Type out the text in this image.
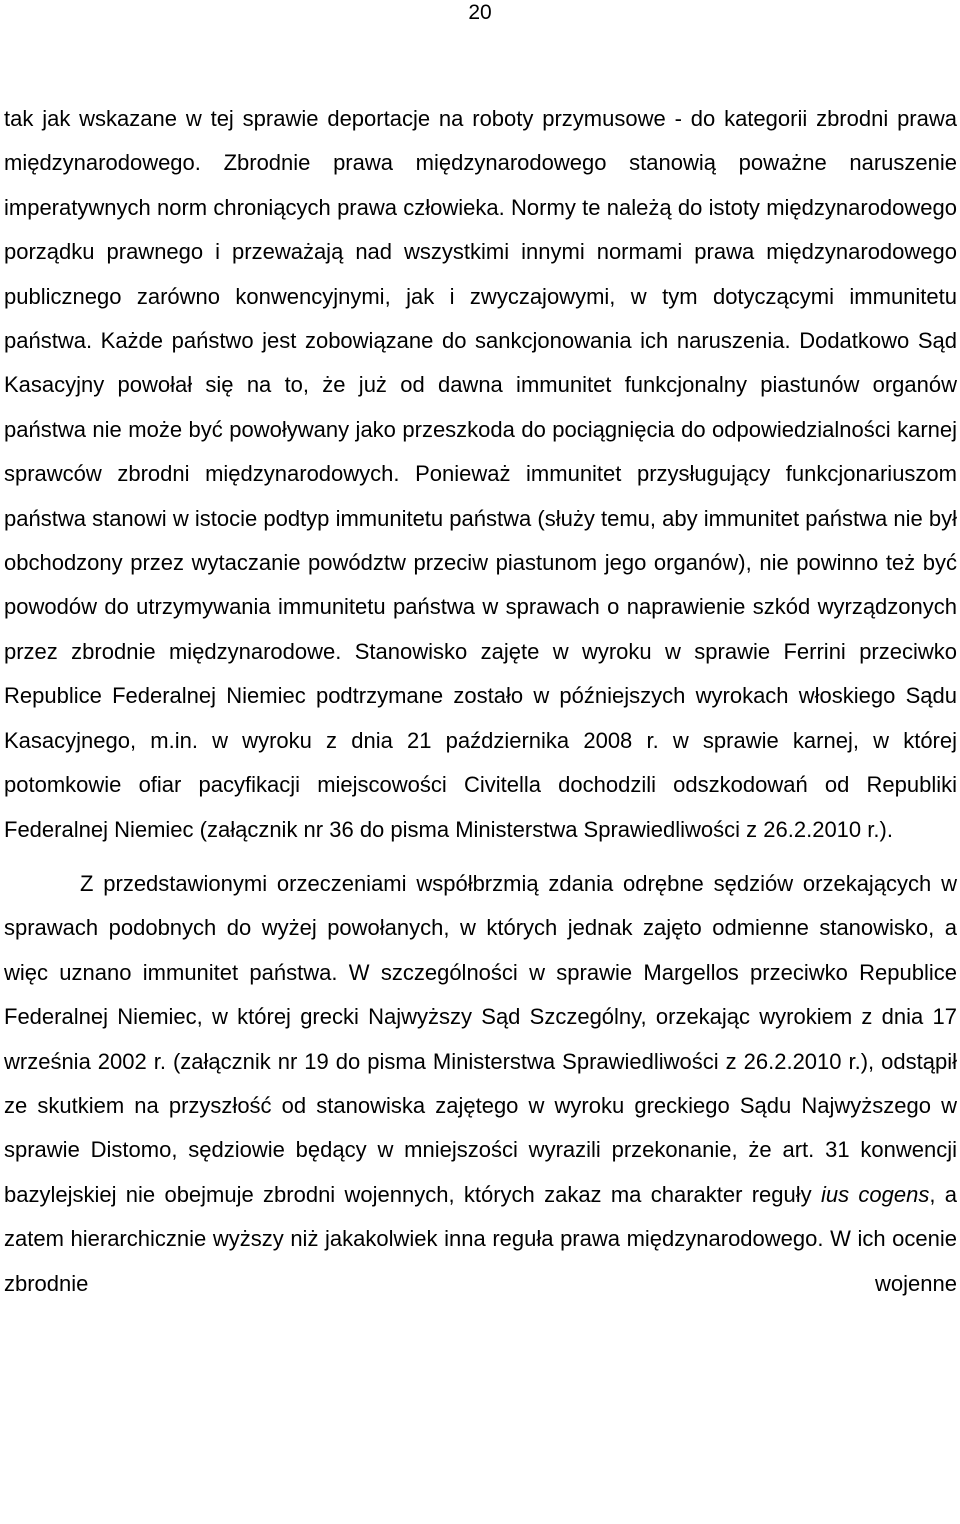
20

tak jak wskazane w tej sprawie deportacje na roboty przymusowe - do kategorii zbrodni prawa międzynarodowego. Zbrodnie prawa międzynarodowego stanowią poważne naruszenie imperatywnych norm chroniących prawa człowieka. Normy te należą do istoty międzynarodowego porządku prawnego i przeważają nad wszystkimi innymi normami prawa międzynarodowego publicznego zarówno konwencyjnymi, jak i zwyczajowymi, w tym dotyczącymi immunitetu państwa. Każde państwo jest zobowiązane do sankcjonowania ich naruszenia. Dodatkowo Sąd Kasacyjny powołał się na to, że już od dawna immunitet funkcjonalny piastunów organów państwa nie może być powoływany jako przeszkoda do pociągnięcia do odpowiedzialności karnej sprawców zbrodni międzynarodowych. Ponieważ immunitet przysługujący funkcjonariuszom państwa stanowi w istocie podtyp immunitetu państwa (służy temu, aby immunitet państwa nie był obchodzony przez wytaczanie powództw przeciw piastunom jego organów), nie powinno też być powodów do utrzymywania immunitetu państwa w sprawach o naprawienie szkód wyrządzonych przez zbrodnie międzynarodowe. Stanowisko zajęte w wyroku w sprawie Ferrini przeciwko Republice Federalnej Niemiec podtrzymane zostało w późniejszych wyrokach włoskiego Sądu Kasacyjnego, m.in. w wyroku z dnia 21 października 2008 r. w sprawie karnej, w której potomkowie ofiar pacyfikacji miejscowości Civitella dochodzili odszkodowań od Republiki Federalnej Niemiec (załącznik nr 36 do pisma Ministerstwa Sprawiedliwości z 26.2.2010 r.).

Z przedstawionymi orzeczeniami współbrzmią zdania odrębne sędziów orzekających w sprawach podobnych do wyżej powołanych, w których jednak zajęto odmienne stanowisko, a więc uznano immunitet państwa. W szczególności w sprawie Margellos przeciwko Republice Federalnej Niemiec, w której grecki Najwyższy Sąd Szczególny, orzekając wyrokiem z dnia 17 września 2002 r. (załącznik nr 19 do pisma Ministerstwa Sprawiedliwości z 26.2.2010 r.), odstąpił ze skutkiem na przyszłość od stanowiska zajętego w wyroku greckiego Sądu Najwyższego w sprawie Distomo, sędziowie będący w mniejszości wyrazili przekonanie, że art. 31 konwencji bazylejskiej nie obejmuje zbrodni wojennych, których zakaz ma charakter reguły ius cogens, a zatem hierarchicznie wyższy niż jakakolwiek inna reguła prawa międzynarodowego. W ich ocenie zbrodnie wojenne
